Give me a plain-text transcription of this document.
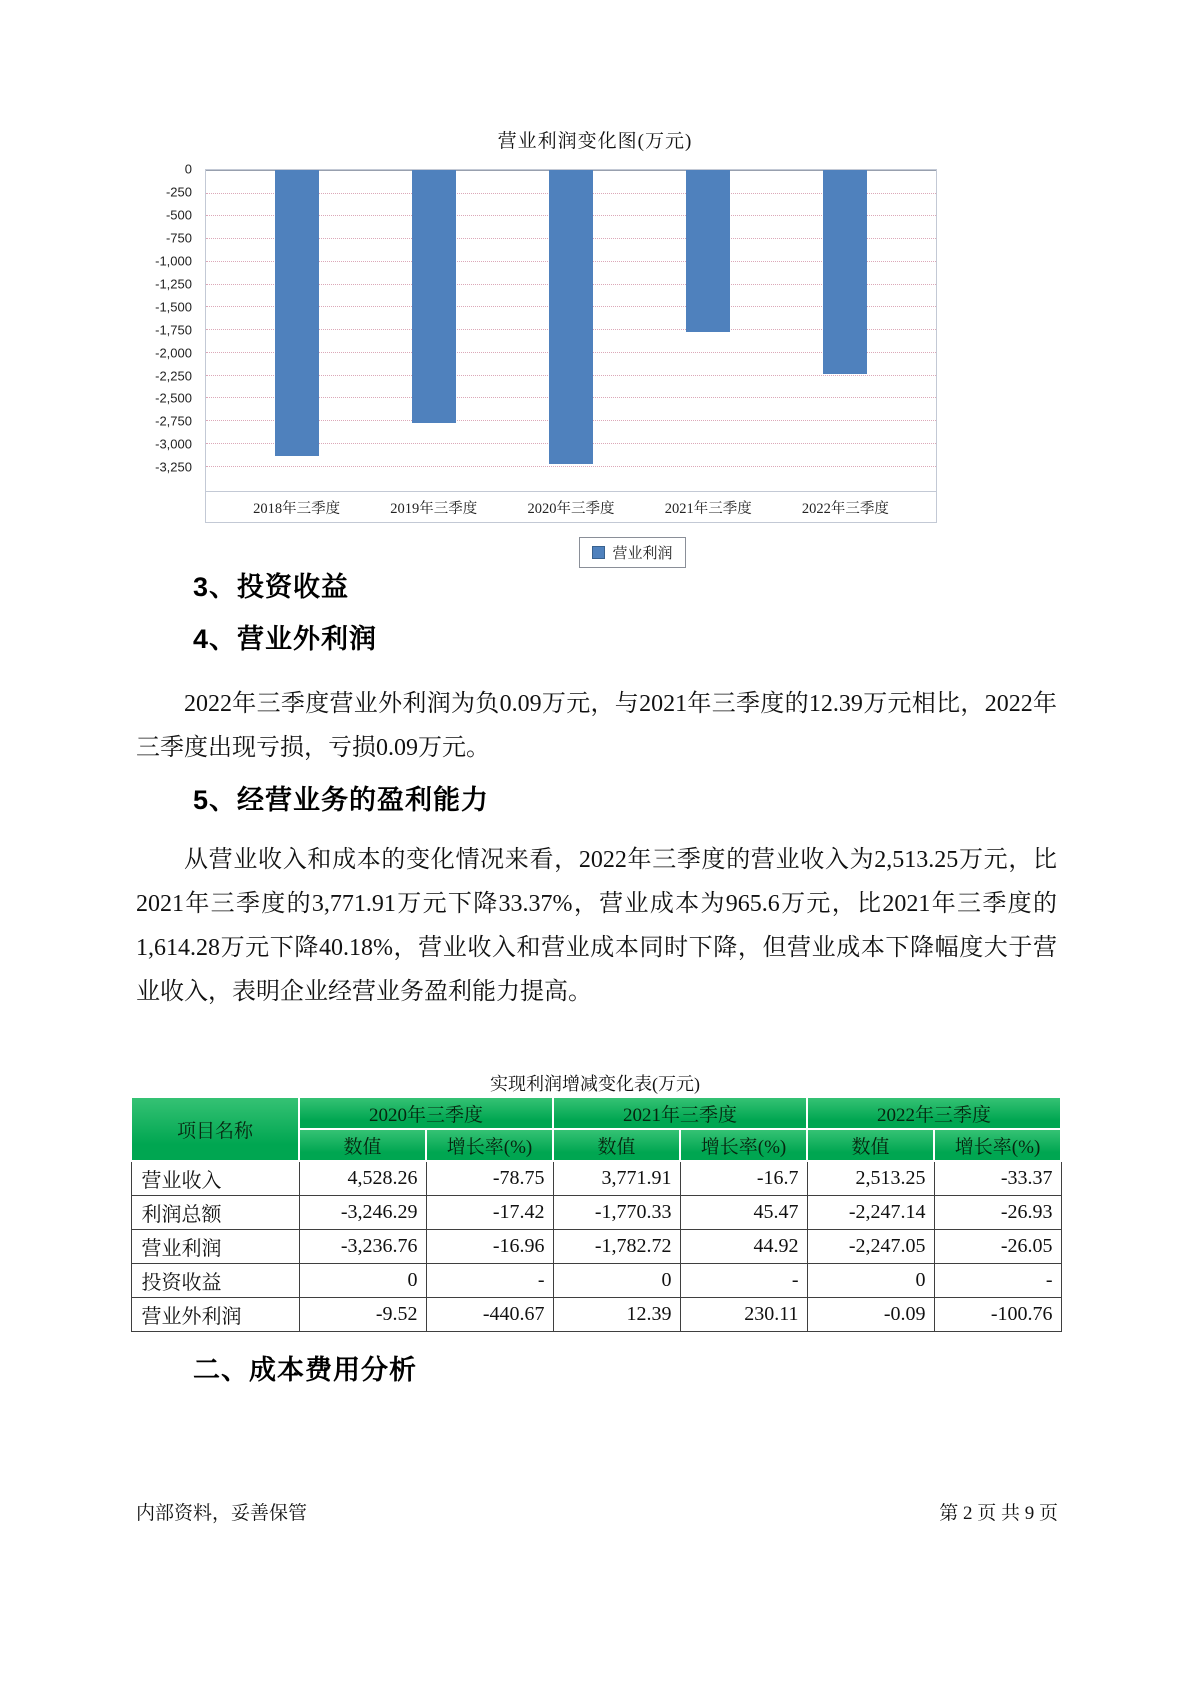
营业利润变化图(万元)
0
-250
-500
-750
-1,000
-1,250
-1,500
-1,750
-2,000
-2,250
-2,500
-2,750
-3,000
-3,250
2018年三季度	2019年三季度	2020年三季度	2021年三季度	2022年三季度
营业利润
3、投资收益
4、营业外利润

2022年三季度营业外利润为负0.09万元，与2021年三季度的12.39万元相比，2022年三季度出现亏损，亏损0.09万元。

5、经营业务的盈利能力

从营业收入和成本的变化情况来看，2022年三季度的营业收入为2,513.25万元，比2021年三季度的3,771.91万元下降33.37%，营业成本为965.6万元，比2021年三季度的1,614.28万元下降40.18%，营业收入和营业成本同时下降，但营业成本下降幅度大于营业收入，表明企业经营业务盈利能力提高。

实现利润增减变化表(万元)
项目名称	2020年三季度		2021年三季度		2022年三季度	
	数值	增长率(%)	数值	增长率(%)	数值	增长率(%)
营业收入	4,528.26	-78.75	3,771.91	-16.7	2,513.25	-33.37
利润总额	-3,246.29	-17.42	-1,770.33	45.47	-2,247.14	-26.93
营业利润	-3,236.76	-16.96	-1,782.72	44.92	-2,247.05	-26.05
投资收益	0	-	0	-	0	-
营业外利润	-9.52	-440.67	12.39	230.11	-0.09	-100.76
二、成本费用分析
内部资料，妥善保管	第 2 页 共 9 页
